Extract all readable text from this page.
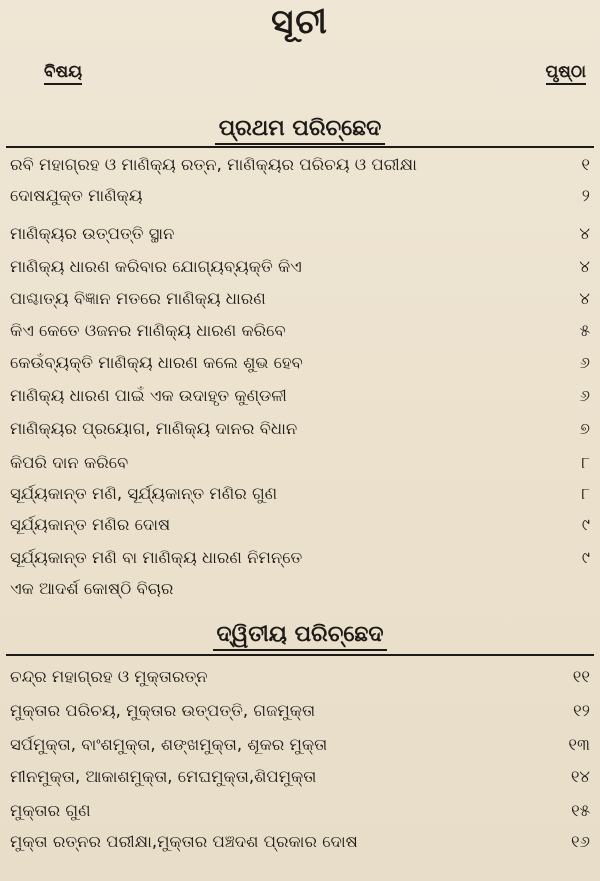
ସୂଚୀ
ବିଷୟ	ପୃଷ୍ଠା
ପ୍ରଥମ ପରିଚ୍ଛେଦ
ରବି ମହାଗ୍ରହ ଓ ମାଣିକ୍ୟ ରତ୍ନ, ମାଣିକ୍ୟର ପରିଚୟ ଓ ପରୀକ୍ଷା	୧
ଦୋଷଯୁକ୍ତ ମାଣିକ୍ୟ	୨
ମାଣିକ୍ୟର ଉତ୍ପତ୍ତି ସ୍ଥାନ	୪
ମାଣିକ୍ୟ ଧାରଣ କରିବାର ଯୋଗ୍ୟବ୍ୟକ୍ତି କିଏ	୪
ପାଶ୍ଚାତ୍ୟ ବିଜ୍ଞାନ ମତରେ ମାଣିକ୍ୟ ଧାରଣ	୪
କିଏ କେତେ ଓଜନର ମାଣିକ୍ୟ ଧାରଣ କରିବେ	୫
କେଉଁବ୍ୟକ୍ତି ମାଣିକ୍ୟ ଧାରଣ କଲେ ଶୁଭ ହେବ	୬
ମାଣିକ୍ୟ ଧାରଣ ପାଇଁ ଏକ ଉଦାହୃତ କୁଣ୍ଡଳୀ	୬
ମାଣିକ୍ୟର ପ୍ରୟୋଗ, ମାଣିକ୍ୟ ଦାନର ବିଧାନ	୭
କିପରି ଦାନ କରିବେ	୮
ସୂର୍ଯ୍ୟକାନ୍ତ ମଣି, ସୂର୍ଯ୍ୟକାନ୍ତ ମଣିର ଗୁଣ	୮
ସୂର୍ଯ୍ୟକାନ୍ତ ମଣିର ଦୋଷ	୯
ସୂର୍ଯ୍ୟକାନ୍ତ ମଣି ବା ମାଣିକ୍ୟ ଧାରଣ ନିମନ୍ତେ	୯
ଏକ ଆଦର୍ଶ କୋଷ୍ଠି ବିଚାର
ଦ୍ୱିତୀୟ ପରିଚ୍ଛେଦ
ଚନ୍ଦ୍ର ମହାଗ୍ରହ ଓ ମୁକ୍ତାରତ୍ନ	୧୧
ମୁକ୍ତାର ପରିଚୟ, ମୁକ୍ତାର ଉତ୍ପତ୍ତି, ଗଜମୁକ୍ତା	୧୨
ସର୍ପମୁକ୍ତା, ବାଂଶମୁକ୍ତା, ଶଙ୍ଖମୁକ୍ତା, ଶୂକର ମୁକ୍ତା	୧୩
ମୀନମୁକ୍ତା, ଆକାଶମୁକ୍ତା, ମେଘମୁକ୍ତା,ଶିପମୁକ୍ତା	୧୪
ମୁକ୍ତାର ଗୁଣ	୧୫
ମୁକ୍ତା ରତ୍ନର ପରୀକ୍ଷା,ମୁକ୍ତାର ପଞ୍ଚଦଶ ପ୍ରକାର ଦୋଷ	୧୬
